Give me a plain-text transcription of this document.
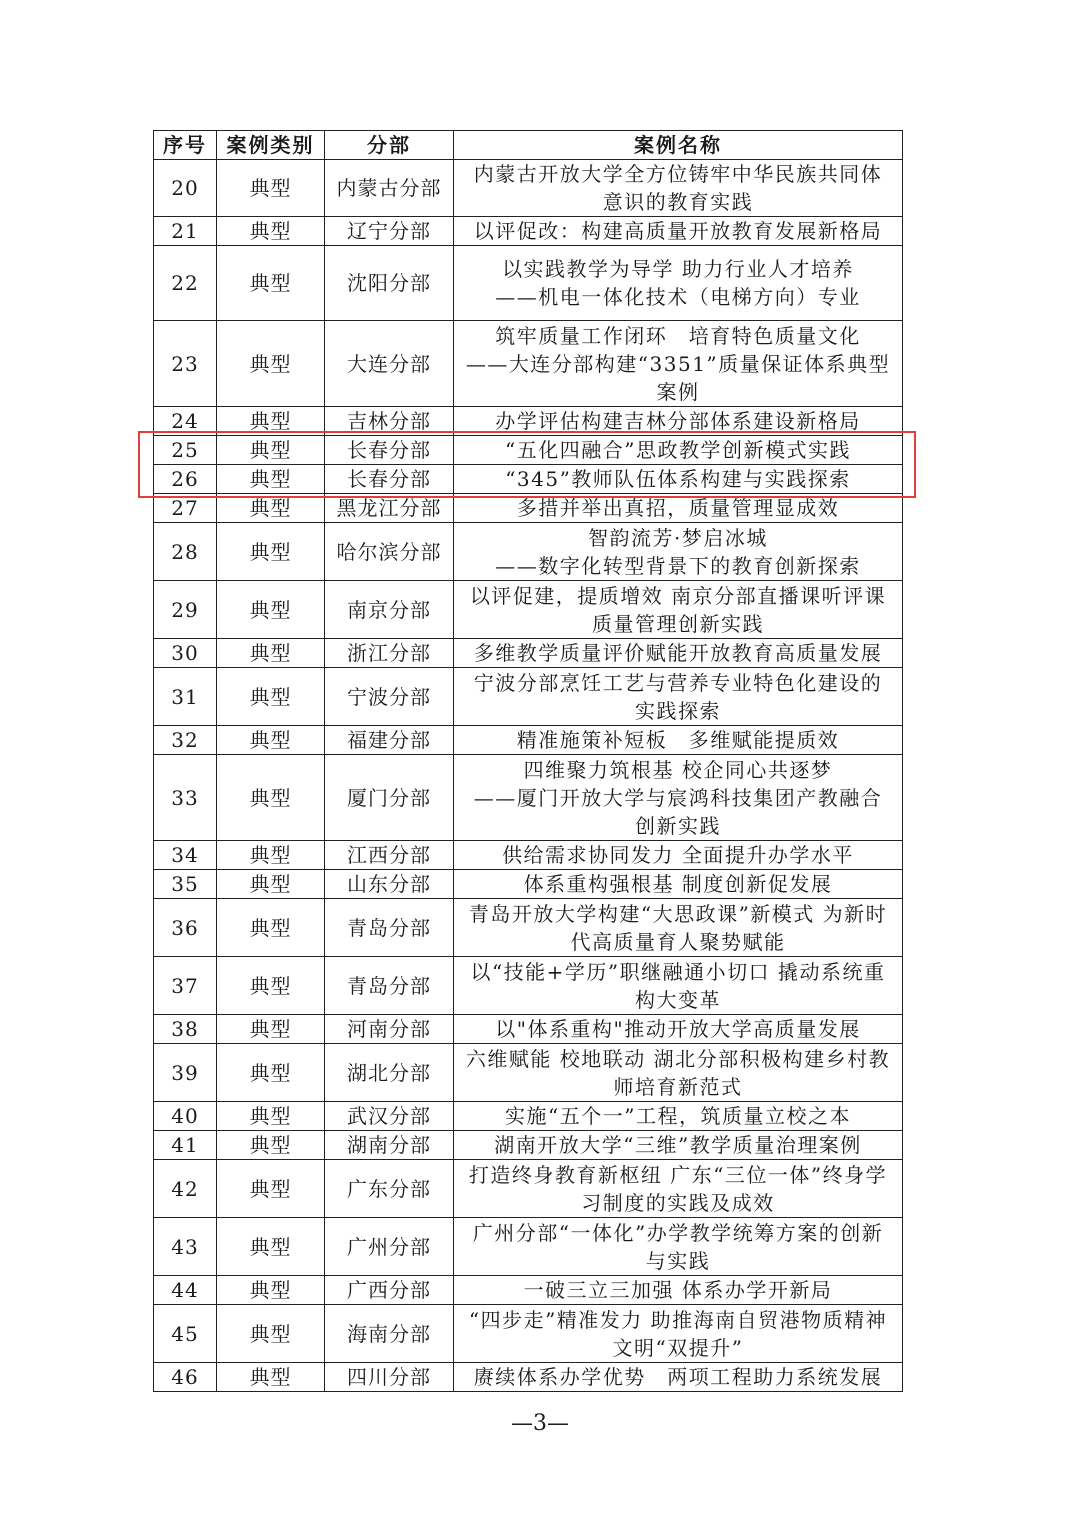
序号	案例类别	分部	案例名称
20	典型	内蒙古分部	内蒙古开放大学全方位铸牢中华民族共同体意识的教育实践
21	典型	辽宁分部	以评促改：构建高质量开放教育发展新格局
22	典型	沈阳分部	以实践教学为导学 助力行业人才培养
——机电一体化技术（电梯方向）专业
23	典型	大连分部	筑牢质量工作闭环　培育特色质量文化
——大连分部构建“3351”质量保证体系典型案例
24	典型	吉林分部	办学评估构建吉林分部体系建设新格局
25	典型	长春分部	“五化四融合”思政教学创新模式实践
26	典型	长春分部	“345”教师队伍体系构建与实践探索
27	典型	黑龙江分部	多措并举出真招，质量管理显成效
28	典型	哈尔滨分部	智韵流芳·梦启冰城
——数字化转型背景下的教育创新探索
29	典型	南京分部	以评促建，提质增效 南京分部直播课听评课质量管理创新实践
30	典型	浙江分部	多维教学质量评价赋能开放教育高质量发展
31	典型	宁波分部	宁波分部烹饪工艺与营养专业特色化建设的实践探索
32	典型	福建分部	精准施策补短板　多维赋能提质效
33	典型	厦门分部	四维聚力筑根基 校企同心共逐梦
——厦门开放大学与宸鸿科技集团产教融合创新实践
34	典型	江西分部	供给需求协同发力 全面提升办学水平
35	典型	山东分部	体系重构强根基 制度创新促发展
36	典型	青岛分部	青岛开放大学构建“大思政课”新模式 为新时代高质量育人聚势赋能
37	典型	青岛分部	以“技能+学历”职继融通小切口 撬动系统重构大变革
38	典型	河南分部	以"体系重构"推动开放大学高质量发展
39	典型	湖北分部	六维赋能 校地联动 湖北分部积极构建乡村教师培育新范式
40	典型	武汉分部	实施“五个一”工程，筑质量立校之本
41	典型	湖南分部	湖南开放大学“三维”教学质量治理案例
42	典型	广东分部	打造终身教育新枢纽 广东“三位一体”终身学习制度的实践及成效
43	典型	广州分部	广州分部“一体化”办学教学统筹方案的创新与实践
44	典型	广西分部	一破三立三加强 体系办学开新局
45	典型	海南分部	“四步走”精准发力 助推海南自贸港物质精神文明“双提升”
46	典型	四川分部	赓续体系办学优势　两项工程助力系统发展
—3—
